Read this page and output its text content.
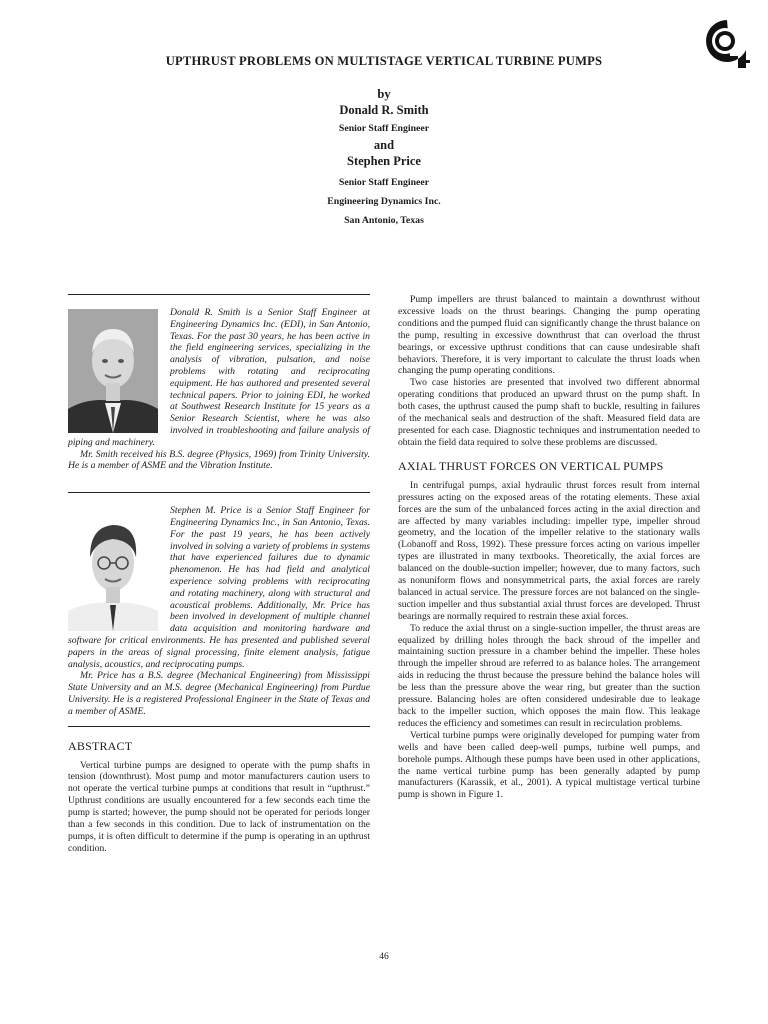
UPTHRUST PROBLEMS ON MULTISTAGE VERTICAL TURBINE PUMPS
by
Donald R. Smith
Senior Staff Engineer
and
Stephen Price
Senior Staff Engineer
Engineering Dynamics Inc.
San Antonio, Texas

Donald R. Smith is a Senior Staff Engineer at Engineering Dynamics Inc. (EDI), in San Antonio, Texas. For the past 30 years, he has been active in the field engineering services, specializing in the analysis of vibration, pulsation, and noise problems with rotating and reciprocating equipment. He has authored and presented several technical papers. Prior to joining EDI, he worked at Southwest Research Institute for 15 years as a Senior Research Scientist, where he was also involved in troubleshooting and failure analysis of piping and machinery.

Mr. Smith received his B.S. degree (Physics, 1969) from Trinity University. He is a member of ASME and the Vibration Institute.

Stephen M. Price is a Senior Staff Engineer for Engineering Dynamics Inc., in San Antonio, Texas. For the past 19 years, he has been actively involved in solving a variety of problems in systems that have experienced failures due to dynamic phenomenon. He has had field and analytical experience solving problems with reciprocating and rotating machinery, along with structural and acoustical problems. Additionally, Mr. Price has been involved in development of multiple channel data acquisition and monitoring hardware and software for critical environments. He has presented and published several papers in the areas of signal processing, finite element analysis, fatigue analysis, acoustics, and reciprocating pumps.

Mr. Price has a B.S. degree (Mechanical Engineering) from Mississippi State University and an M.S. degree (Mechanical Engineering) from Purdue University. He is a registered Professional Engineer in the State of Texas and a member of ASME.

ABSTRACT

Vertical turbine pumps are designed to operate with the pump shafts in tension (downthrust). Most pump and motor manufacturers caution users to not operate the vertical turbine pumps at conditions that result in “upthrust.” Upthrust conditions are usually encountered for a few seconds each time the pump is started; however, the pump should not be operated for periods longer than a few seconds in this condition. Due to lack of instrumentation on the pumps, it is often difficult to determine if the pump is operating in an upthrust condition.

Pump impellers are thrust balanced to maintain a downthrust without excessive loads on the thrust bearings. Changing the pump operating conditions and the pumped fluid can significantly change the thrust balance on the pump, resulting in excessive downthrust that can overload the thrust bearings, or excessive upthrust conditions that can cause undesirable shaft behaviors. Therefore, it is very important to calculate the thrust loads when changing the pump operating conditions.

Two case histories are presented that involved two different abnormal operating conditions that produced an upward thrust on the pump shaft. In both cases, the upthrust caused the pump shaft to buckle, resulting in failures of the mechanical seals and destruction of the shaft. Measured field data are presented for each case. Diagnostic techniques and instrumentation needed to obtain the field data required to solve these problems are discussed.

AXIAL THRUST FORCES ON VERTICAL PUMPS

In centrifugal pumps, axial hydraulic thrust forces result from internal pressures acting on the exposed areas of the rotating elements. These axial forces are the sum of the unbalanced forces acting in the axial direction and are affected by many variables including: impeller type, impeller shroud geometry, and the location of the impeller relative to the stationary walls (Lobanoff and Ross, 1992). These pressure forces acting on various impeller types are illustrated in many textbooks. Theoretically, the axial forces are balanced on the double-suction impeller; however, due to many factors, such as nonuniform flows and nonsymmetrical parts, the axial forces are rarely balanced in actual service. The pressure forces are not balanced on the single-suction impeller and thus substantial axial thrust forces are developed. Thrust bearings are normally required to restrain these axial forces.

To reduce the axial thrust on a single-suction impeller, the thrust areas are equalized by drilling holes through the back shroud of the impeller and maintaining suction pressure in a chamber behind the impeller. These holes through the impeller shroud are referred to as balance holes. The arrangement aids in reducing the thrust because the pressure behind the balance holes will be less than the pressure above the wear ring, but greater than the suction pressure. Balancing holes are often considered undesirable due to leakage back to the impeller suction, which opposes the main flow. This leakage reduces the efficiency and sometimes can result in recirculation problems.

Vertical turbine pumps were originally developed for pumping water from wells and have been called deep-well pumps, turbine well pumps, and borehole pumps. Although these pumps have been used in other applications, the name vertical turbine pump has been generally adapted by pump manufacturers (Karassik, et al., 2001). A typical multistage vertical turbine pump is shown in Figure 1.

46
